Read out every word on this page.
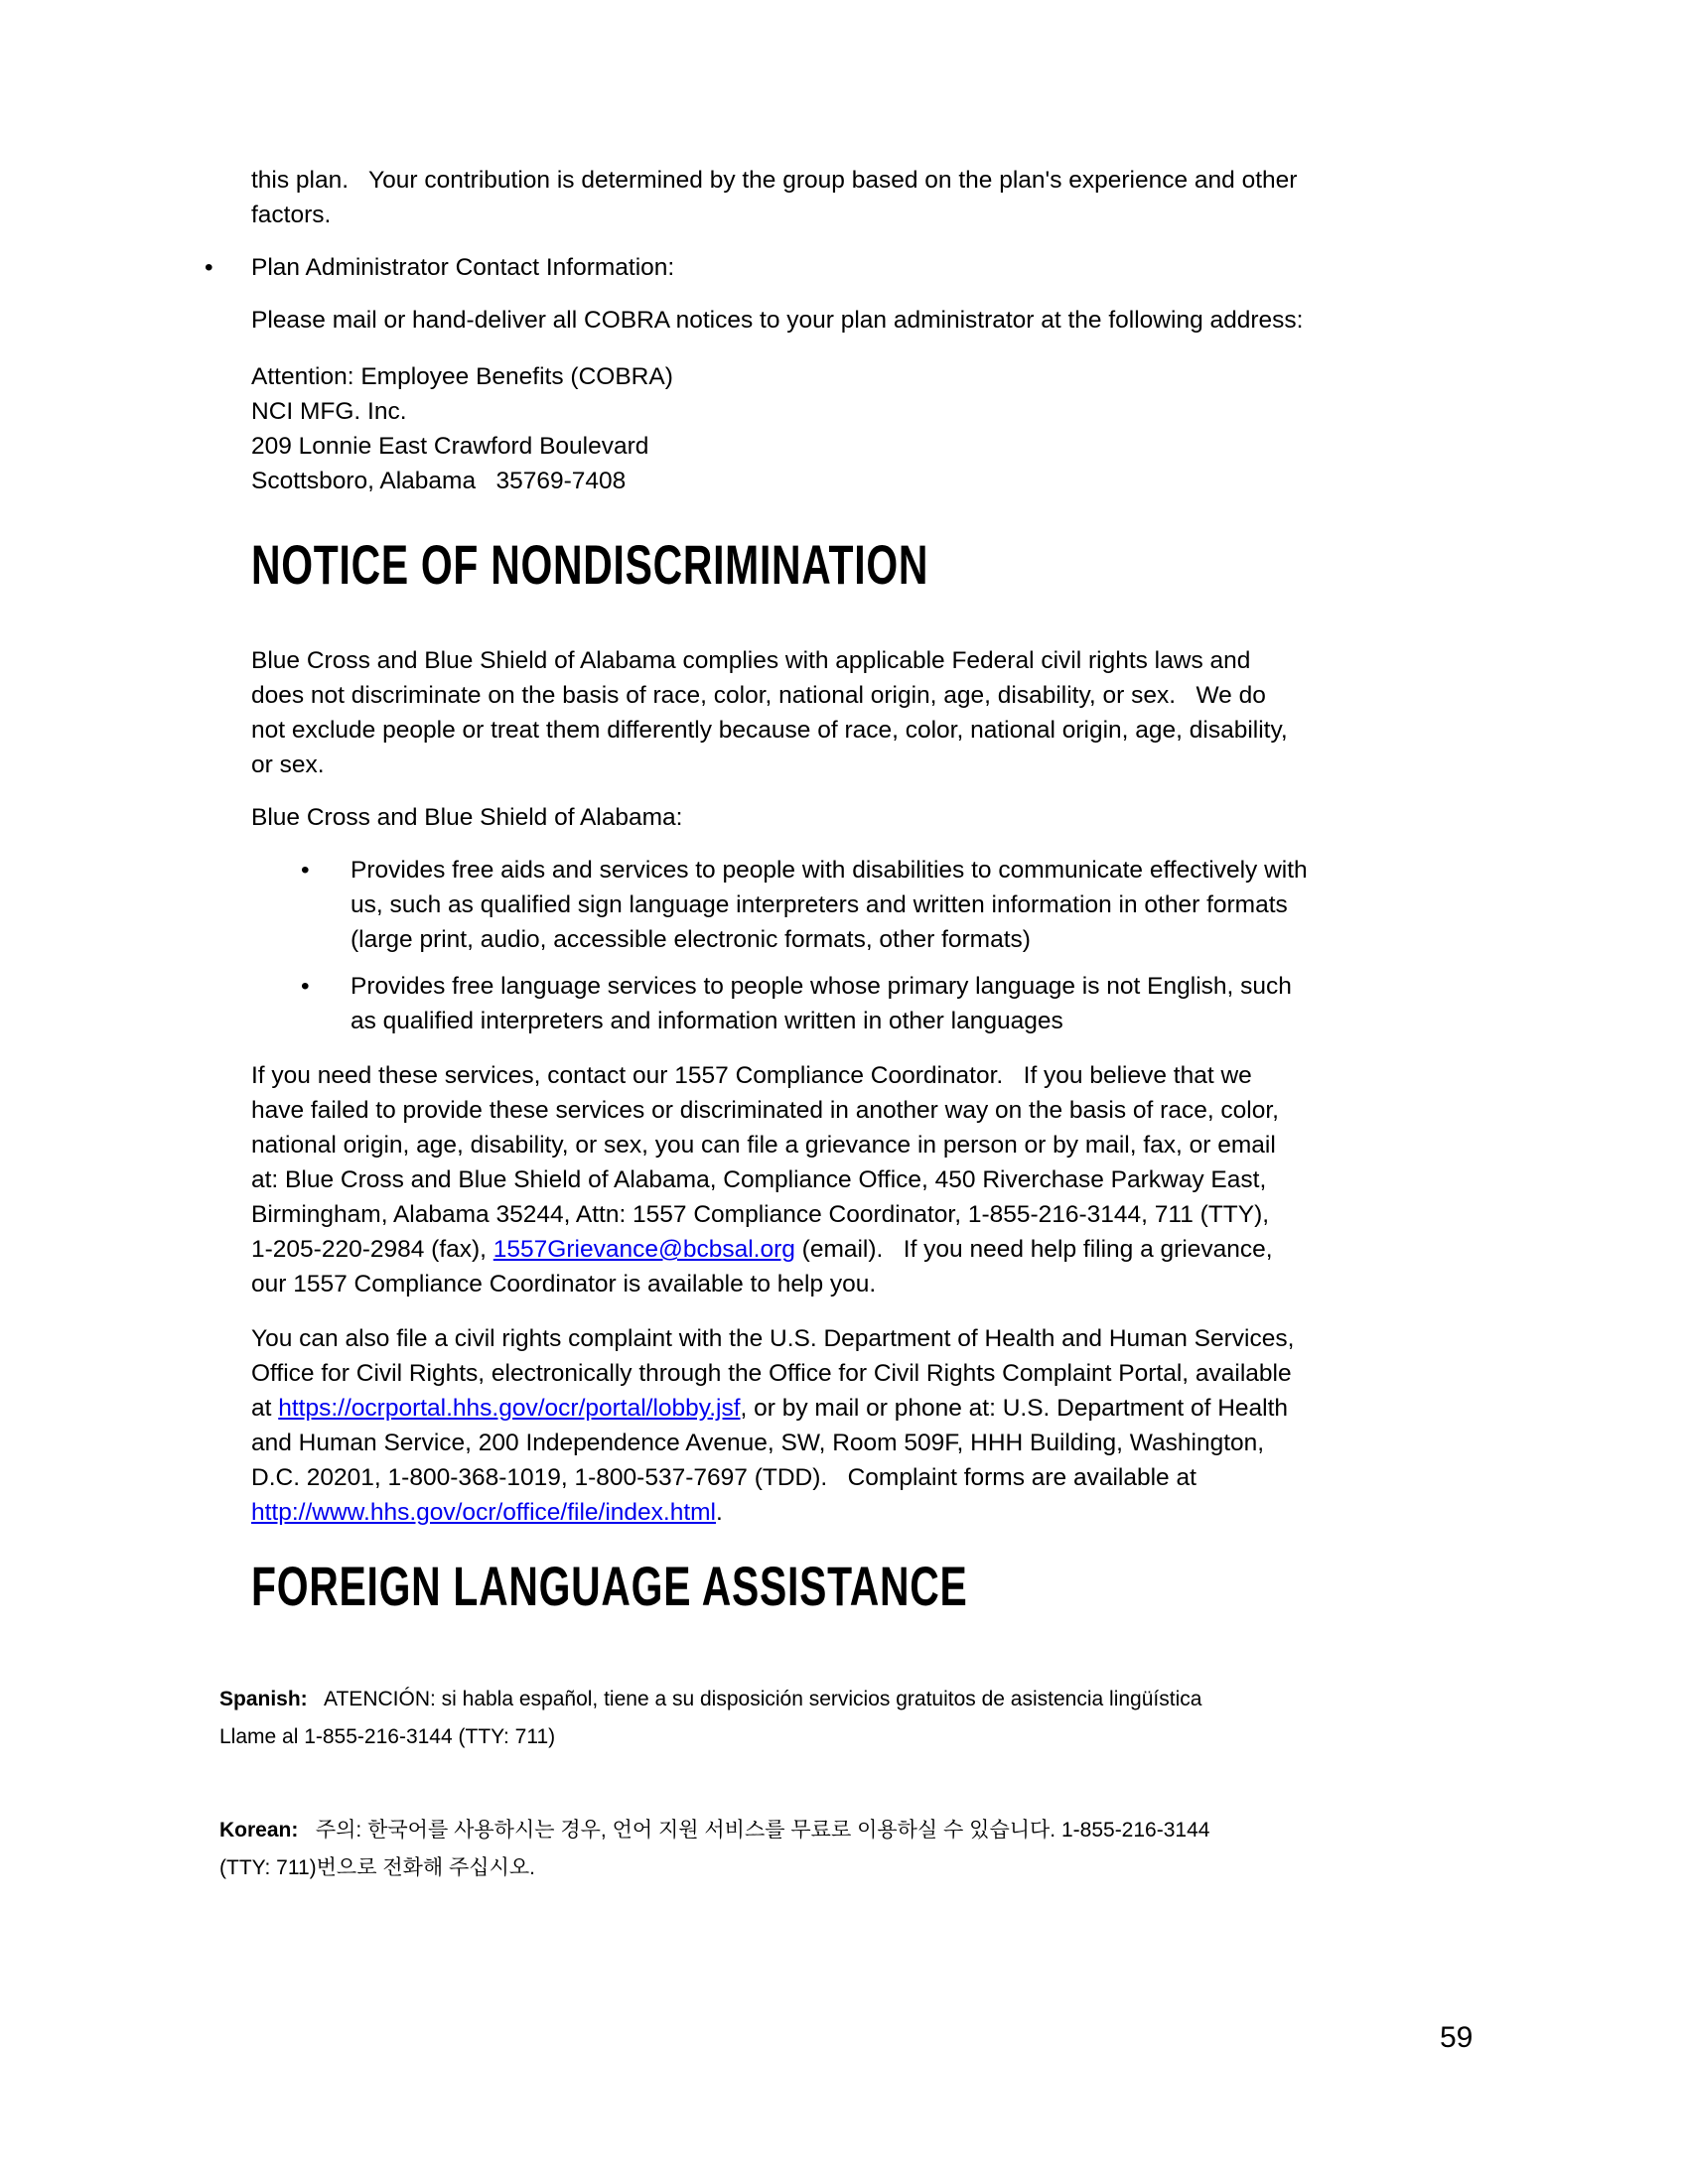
this plan.   Your contribution is determined by the group based on the plan's experience and other
factors.
• Plan Administrator Contact Information:
Please mail or hand-deliver all COBRA notices to your plan administrator at the following address:
Attention: Employee Benefits (COBRA)
NCI MFG. Inc.
209 Lonnie East Crawford Boulevard
Scottsboro, Alabama   35769-7408
NOTICE OF NONDISCRIMINATION
Blue Cross and Blue Shield of Alabama complies with applicable Federal civil rights laws and
does not discriminate on the basis of race, color, national origin, age, disability, or sex.   We do
not exclude people or treat them differently because of race, color, national origin, age, disability,
or sex.
Blue Cross and Blue Shield of Alabama:
• Provides free aids and services to people with disabilities to communicate effectively with
us, such as qualified sign language interpreters and written information in other formats
(large print, audio, accessible electronic formats, other formats)
• Provides free language services to people whose primary language is not English, such
as qualified interpreters and information written in other languages
If you need these services, contact our 1557 Compliance Coordinator.   If you believe that we
have failed to provide these services or discriminated in another way on the basis of race, color,
national origin, age, disability, or sex, you can file a grievance in person or by mail, fax, or email
at: Blue Cross and Blue Shield of Alabama, Compliance Office, 450 Riverchase Parkway East,
Birmingham, Alabama 35244, Attn: 1557 Compliance Coordinator, 1-855-216-3144, 711 (TTY),
1-205-220-2984 (fax), 1557Grievance@bcbsal.org (email).   If you need help filing a grievance,
our 1557 Compliance Coordinator is available to help you.
You can also file a civil rights complaint with the U.S. Department of Health and Human Services,
Office for Civil Rights, electronically through the Office for Civil Rights Complaint Portal, available
at https://ocrportal.hhs.gov/ocr/portal/lobby.jsf, or by mail or phone at: U.S. Department of Health
and Human Service, 200 Independence Avenue, SW, Room 509F, HHH Building, Washington,
D.C. 20201, 1-800-368-1019, 1-800-537-7697 (TDD).   Complaint forms are available at
http://www.hhs.gov/ocr/office/file/index.html.
FOREIGN LANGUAGE ASSISTANCE
Spanish:   ATENCIÓN: si habla español, tiene a su disposición servicios gratuitos de asistencia lingüística
Llame al 1-855-216-3144 (TTY: 711)
Korean:   주의: 한국어를 사용하시는 경우, 언어 지원 서비스를 무료로 이용하실 수 있습니다. 1-855-216-3144
(TTY: 711)번으로 전화해 주십시오.
59
